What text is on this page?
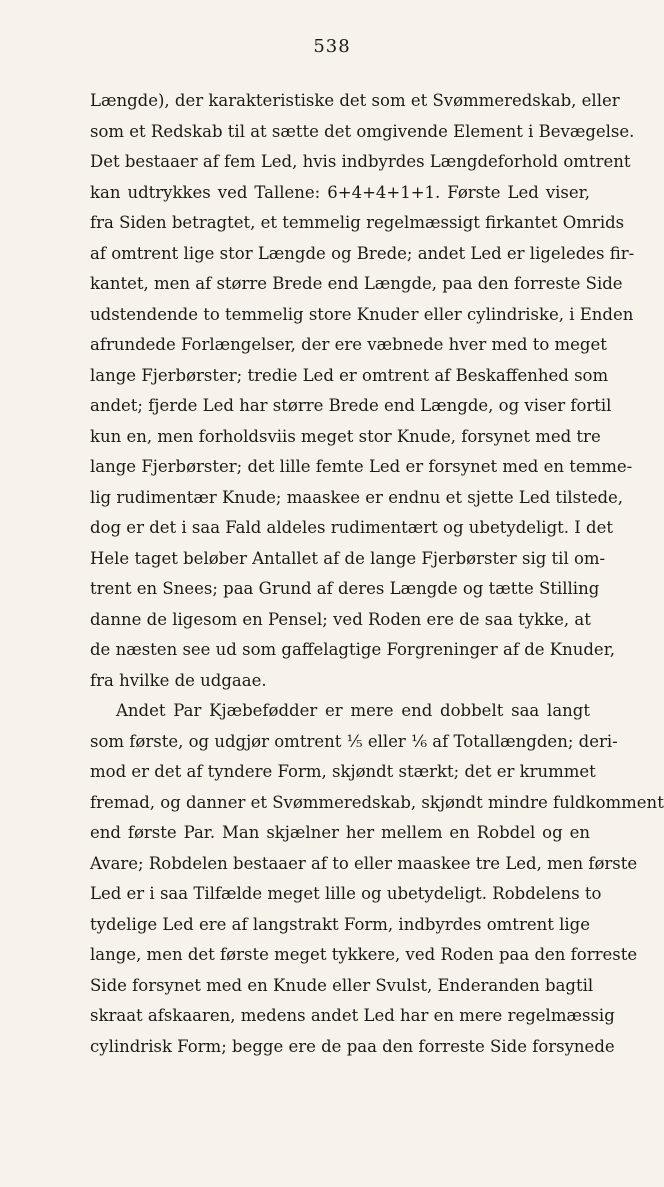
538
Længde), der karakteristiske det som et Svømmeredskab, eller
som et Redskab til at sætte det omgivende Element i Bevægelse.
Det bestaaer af fem Led, hvis indbyrdes Længdeforhold omtrent
kan udtrykkes ved Tallene: 6+4+4+1+1. Første Led viser,
fra Siden betragtet, et temmelig regelmæssigt firkantet Omrids
af omtrent lige stor Længde og Brede; andet Led er ligeledes fir-
kantet, men af større Brede end Længde, paa den forreste Side
udstendende to temmelig store Knuder eller cylindriske, i Enden
afrundede Forlængelser, der ere væbnede hver med to meget
lange Fjerbørster; tredie Led er omtrent af Beskaffenhed som
andet; fjerde Led har større Brede end Længde, og viser fortil
kun en, men forholdsviis meget stor Knude, forsynet med tre
lange Fjerbørster; det lille femte Led er forsynet med en temme-
lig rudimentær Knude; maaskee er endnu et sjette Led tilstede,
dog er det i saa Fald aldeles rudimentært og ubetydeligt. I det
Hele taget beløber Antallet af de lange Fjerbørster sig til om-
trent en Snees; paa Grund af deres Længde og tætte Stilling
danne de ligesom en Pensel; ved Roden ere de saa tykke, at
de næsten see ud som gaffelagtige Forgreninger af de Knuder,
fra hvilke de udgaae.
Andet Par Kjæbefødder er mere end dobbelt saa langt
som første, og udgjør omtrent ⅕ eller ⅙ af Totallængden; deri-
mod er det af tyndere Form, skjøndt stærkt; det er krummet
fremad, og danner et Svømmeredskab, skjøndt mindre fuldkomment
end første Par. Man skjælner her mellem en Robdel og en
Avare; Robdelen bestaaer af to eller maaskee tre Led, men første
Led er i saa Tilfælde meget lille og ubetydeligt. Robdelens to
tydelige Led ere af langstrakt Form, indbyrdes omtrent lige
lange, men det første meget tykkere, ved Roden paa den forreste
Side forsynet med en Knude eller Svulst, Enderanden bagtil
skraat afskaaren, medens andet Led har en mere regelmæssig
cylindrisk Form; begge ere de paa den forreste Side forsynede
